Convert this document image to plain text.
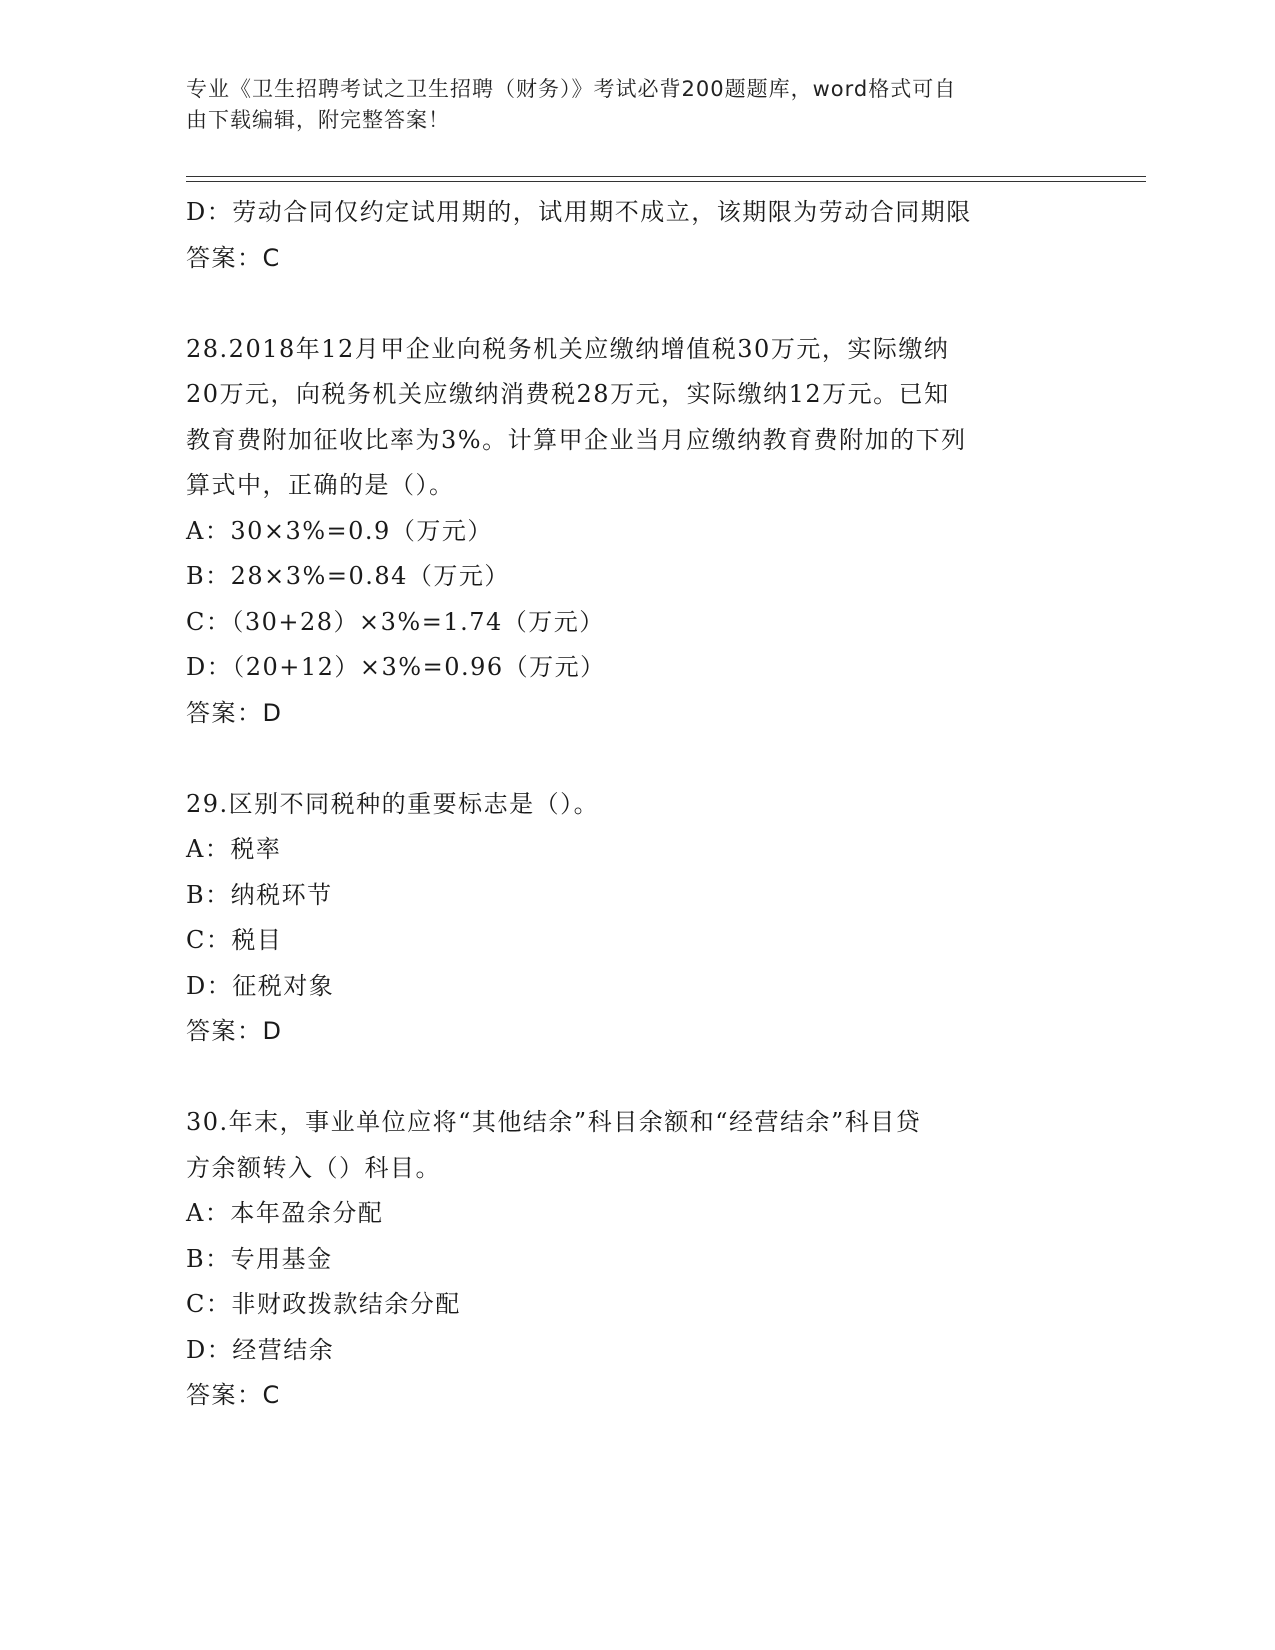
专业《卫生招聘考试之卫生招聘（财务）》考试必背200题题库，word格式可自
由下载编辑，附完整答案！
D：劳动合同仅约定试用期的，试用期不成立，该期限为劳动合同期限
答案：C
28.2018年12月甲企业向税务机关应缴纳增值税30万元，实际缴纳
20万元，向税务机关应缴纳消费税28万元，实际缴纳12万元。已知
教育费附加征收比率为3%。计算甲企业当月应缴纳教育费附加的下列
算式中，正确的是（）。
A：30×3%=0.9（万元）
B：28×3%=0.84（万元）
C：（30+28）×3%=1.74（万元）
D：（20+12）×3%=0.96（万元）
答案：D
29.区别不同税种的重要标志是（）。
A：税率
B：纳税环节
C：税目
D：征税对象
答案：D
30.年末，事业单位应将“其他结余”科目余额和“经营结余”科目贷
方余额转入（）科目。
A：本年盈余分配
B：专用基金
C：非财政拨款结余分配
D：经营结余
答案：C
